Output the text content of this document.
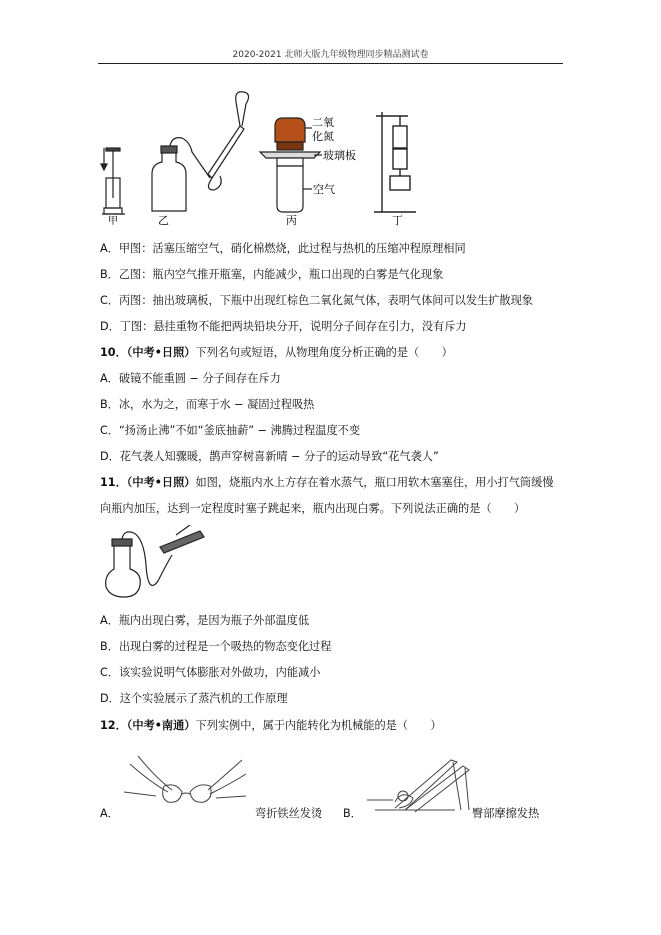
2020-2021 北师大版九年级物理同步精品测试卷
甲	乙
二氧
化氮
玻璃板
空气
丙	丁
A．甲图：活塞压缩空气，硝化棉燃烧，此过程与热机的压缩冲程原理相同
B．乙图：瓶内空气推开瓶塞，内能减少，瓶口出现的白雾是气化现象
C．丙图：抽出玻璃板，下瓶中出现红棕色二氧化氮气体，表明气体间可以发生扩散现象
D．丁图：悬挂重物不能把两块铅块分开，说明分子间存在引力，没有斥力
10．（中考•日照）下列名句或短语，从物理角度分析正确的是（　　）
A．破镜不能重圆 − 分子间存在斥力
B．冰，水为之，而寒于水 − 凝固过程吸热
C．“扬汤止沸”不如“釜底抽薪” − 沸腾过程温度不变
D．花气袭人知骤暖，鹊声穿树喜新晴 − 分子的运动导致“花气袭人”
11．（中考•日照）如图，烧瓶内水上方存在着水蒸气，瓶口用软木塞塞住，用小打气筒缓慢
向瓶内加压，达到一定程度时塞子跳起来，瓶内出现白雾。下列说法正确的是（　　）
A．瓶内出现白雾，是因为瓶子外部温度低
B．出现白雾的过程是一个吸热的物态变化过程
C．该实验说明气体膨胀对外做功，内能减小
D．这个实验展示了蒸汽机的工作原理
12．（中考•南通）下列实例中，属于内能转化为机械能的是（　　）
A．	弯折铁丝发烫 B．	臀部摩擦发热
